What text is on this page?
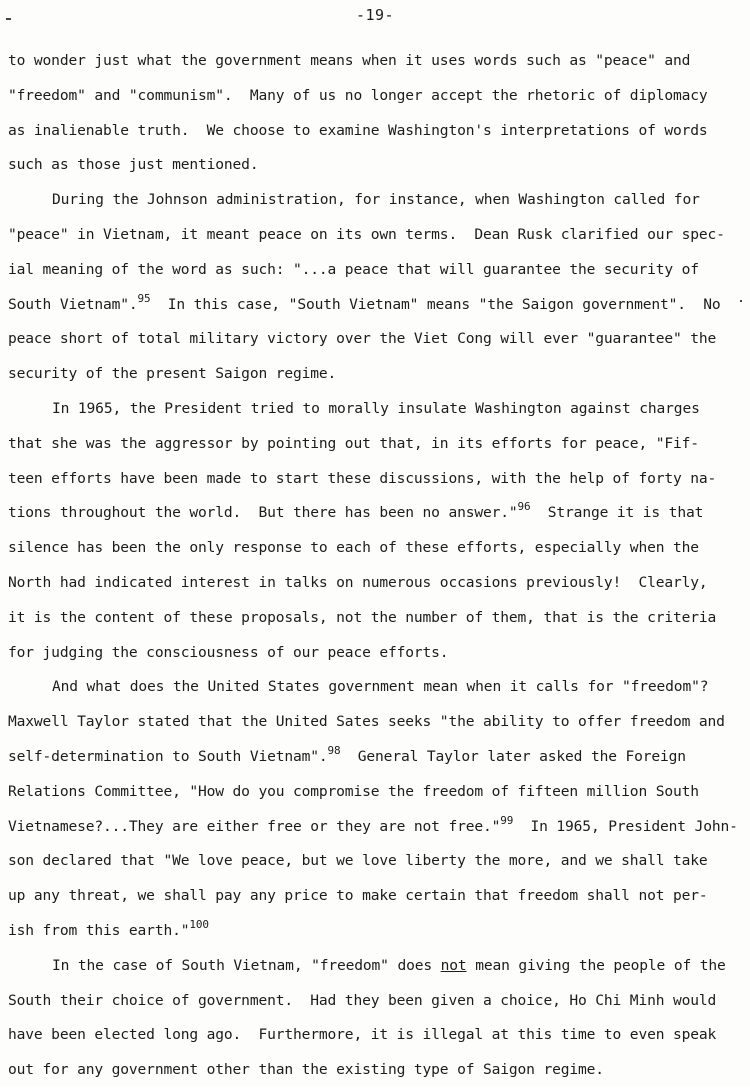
-19-
to wonder just what the government means when it uses words such as "peace" and
"freedom" and "communism".  Many of us no longer accept the rhetoric of diplomacy
as inalienable truth.  We choose to examine Washington's interpretations of words
such as those just mentioned.
During the Johnson administration, for instance, when Washington called for
"peace" in Vietnam, it meant peace on its own terms.  Dean Rusk clarified our spec-
ial meaning of the word as such: "...a peace that will guarantee the security of
South Vietnam".$^{95}$  In this case, "South Vietnam" means "the Saigon government".  No
peace short of total military victory over the Viet Cong will ever "guarantee" the
security of the present Saigon regime.
In 1965, the President tried to morally insulate Washington against charges
that she was the aggressor by pointing out that, in its efforts for peace, "Fif-
teen efforts have been made to start these discussions, with the help of forty na-
tions throughout the world.  But there has been no answer."$^{96}$  Strange it is that
silence has been the only response to each of these efforts, especially when the
North had indicated interest in talks on numerous occasions previously!  Clearly,
it is the content of these proposals, not the number of them, that is the criteria
for judging the consciousness of our peace efforts.
And what does the United States government mean when it calls for "freedom"?
Maxwell Taylor stated that the United Sates seeks "the ability to offer freedom and
self-determination to South Vietnam".$^{98}$  General Taylor later asked the Foreign
Relations Committee, "How do you compromise the freedom of fifteen million South
Vietnamese?...They are either free or they are not free."$^{99}$  In 1965, President John-
son declared that "We love peace, but we love liberty the more, and we shall take
up any threat, we shall pay any price to make certain that freedom shall not per-
ish from this earth."$^{100}$
In the case of South Vietnam, "freedom" does not mean giving the people of the
South their choice of government.  Had they been given a choice, Ho Chi Minh would
have been elected long ago.  Furthermore, it is illegal at this time to even speak
out for any government other than the existing type of Saigon regime.
